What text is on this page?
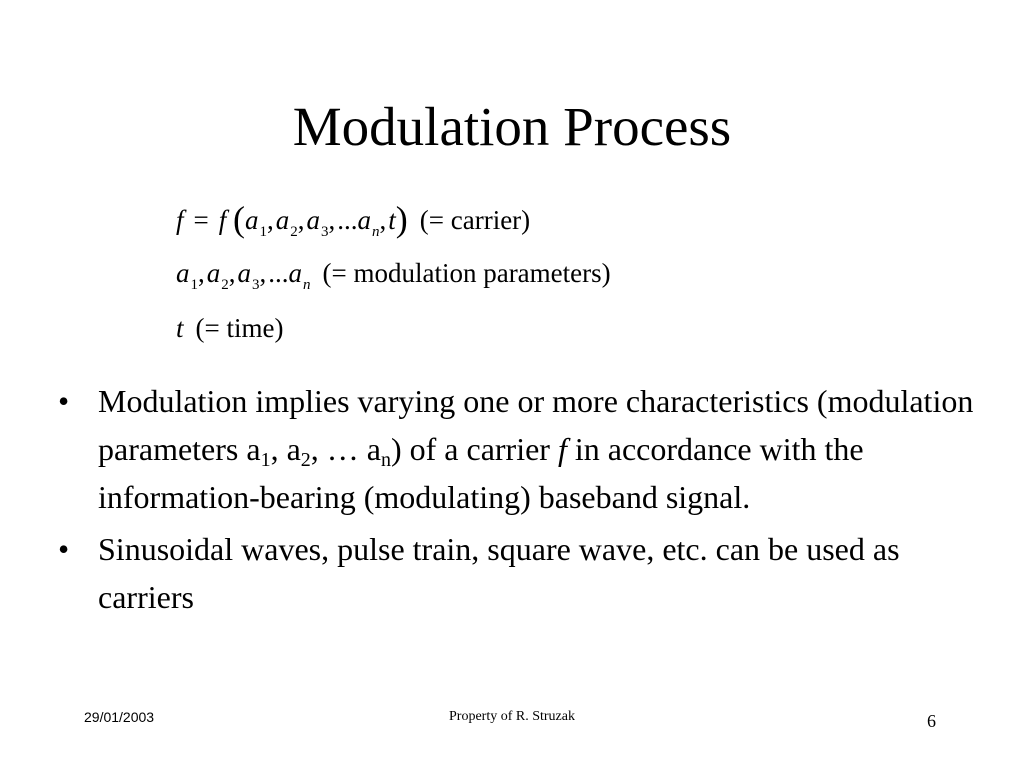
Modulation Process
f = f $(a_1,a_2,a_3,...a_n,t)$ (= carrier)
$a_1,a_2,a_3,...a_n$ (= modulation parameters)
t (= time)
• Modulation implies varying one or more characteristics (modulation parameters a1, a2, … an) of a carrier f in accordance with the information-bearing (modulating) baseband signal.
• Sinusoidal waves, pulse train, square wave, etc. can be used as carriers
29/01/2003	Property of R. Struzak	6
